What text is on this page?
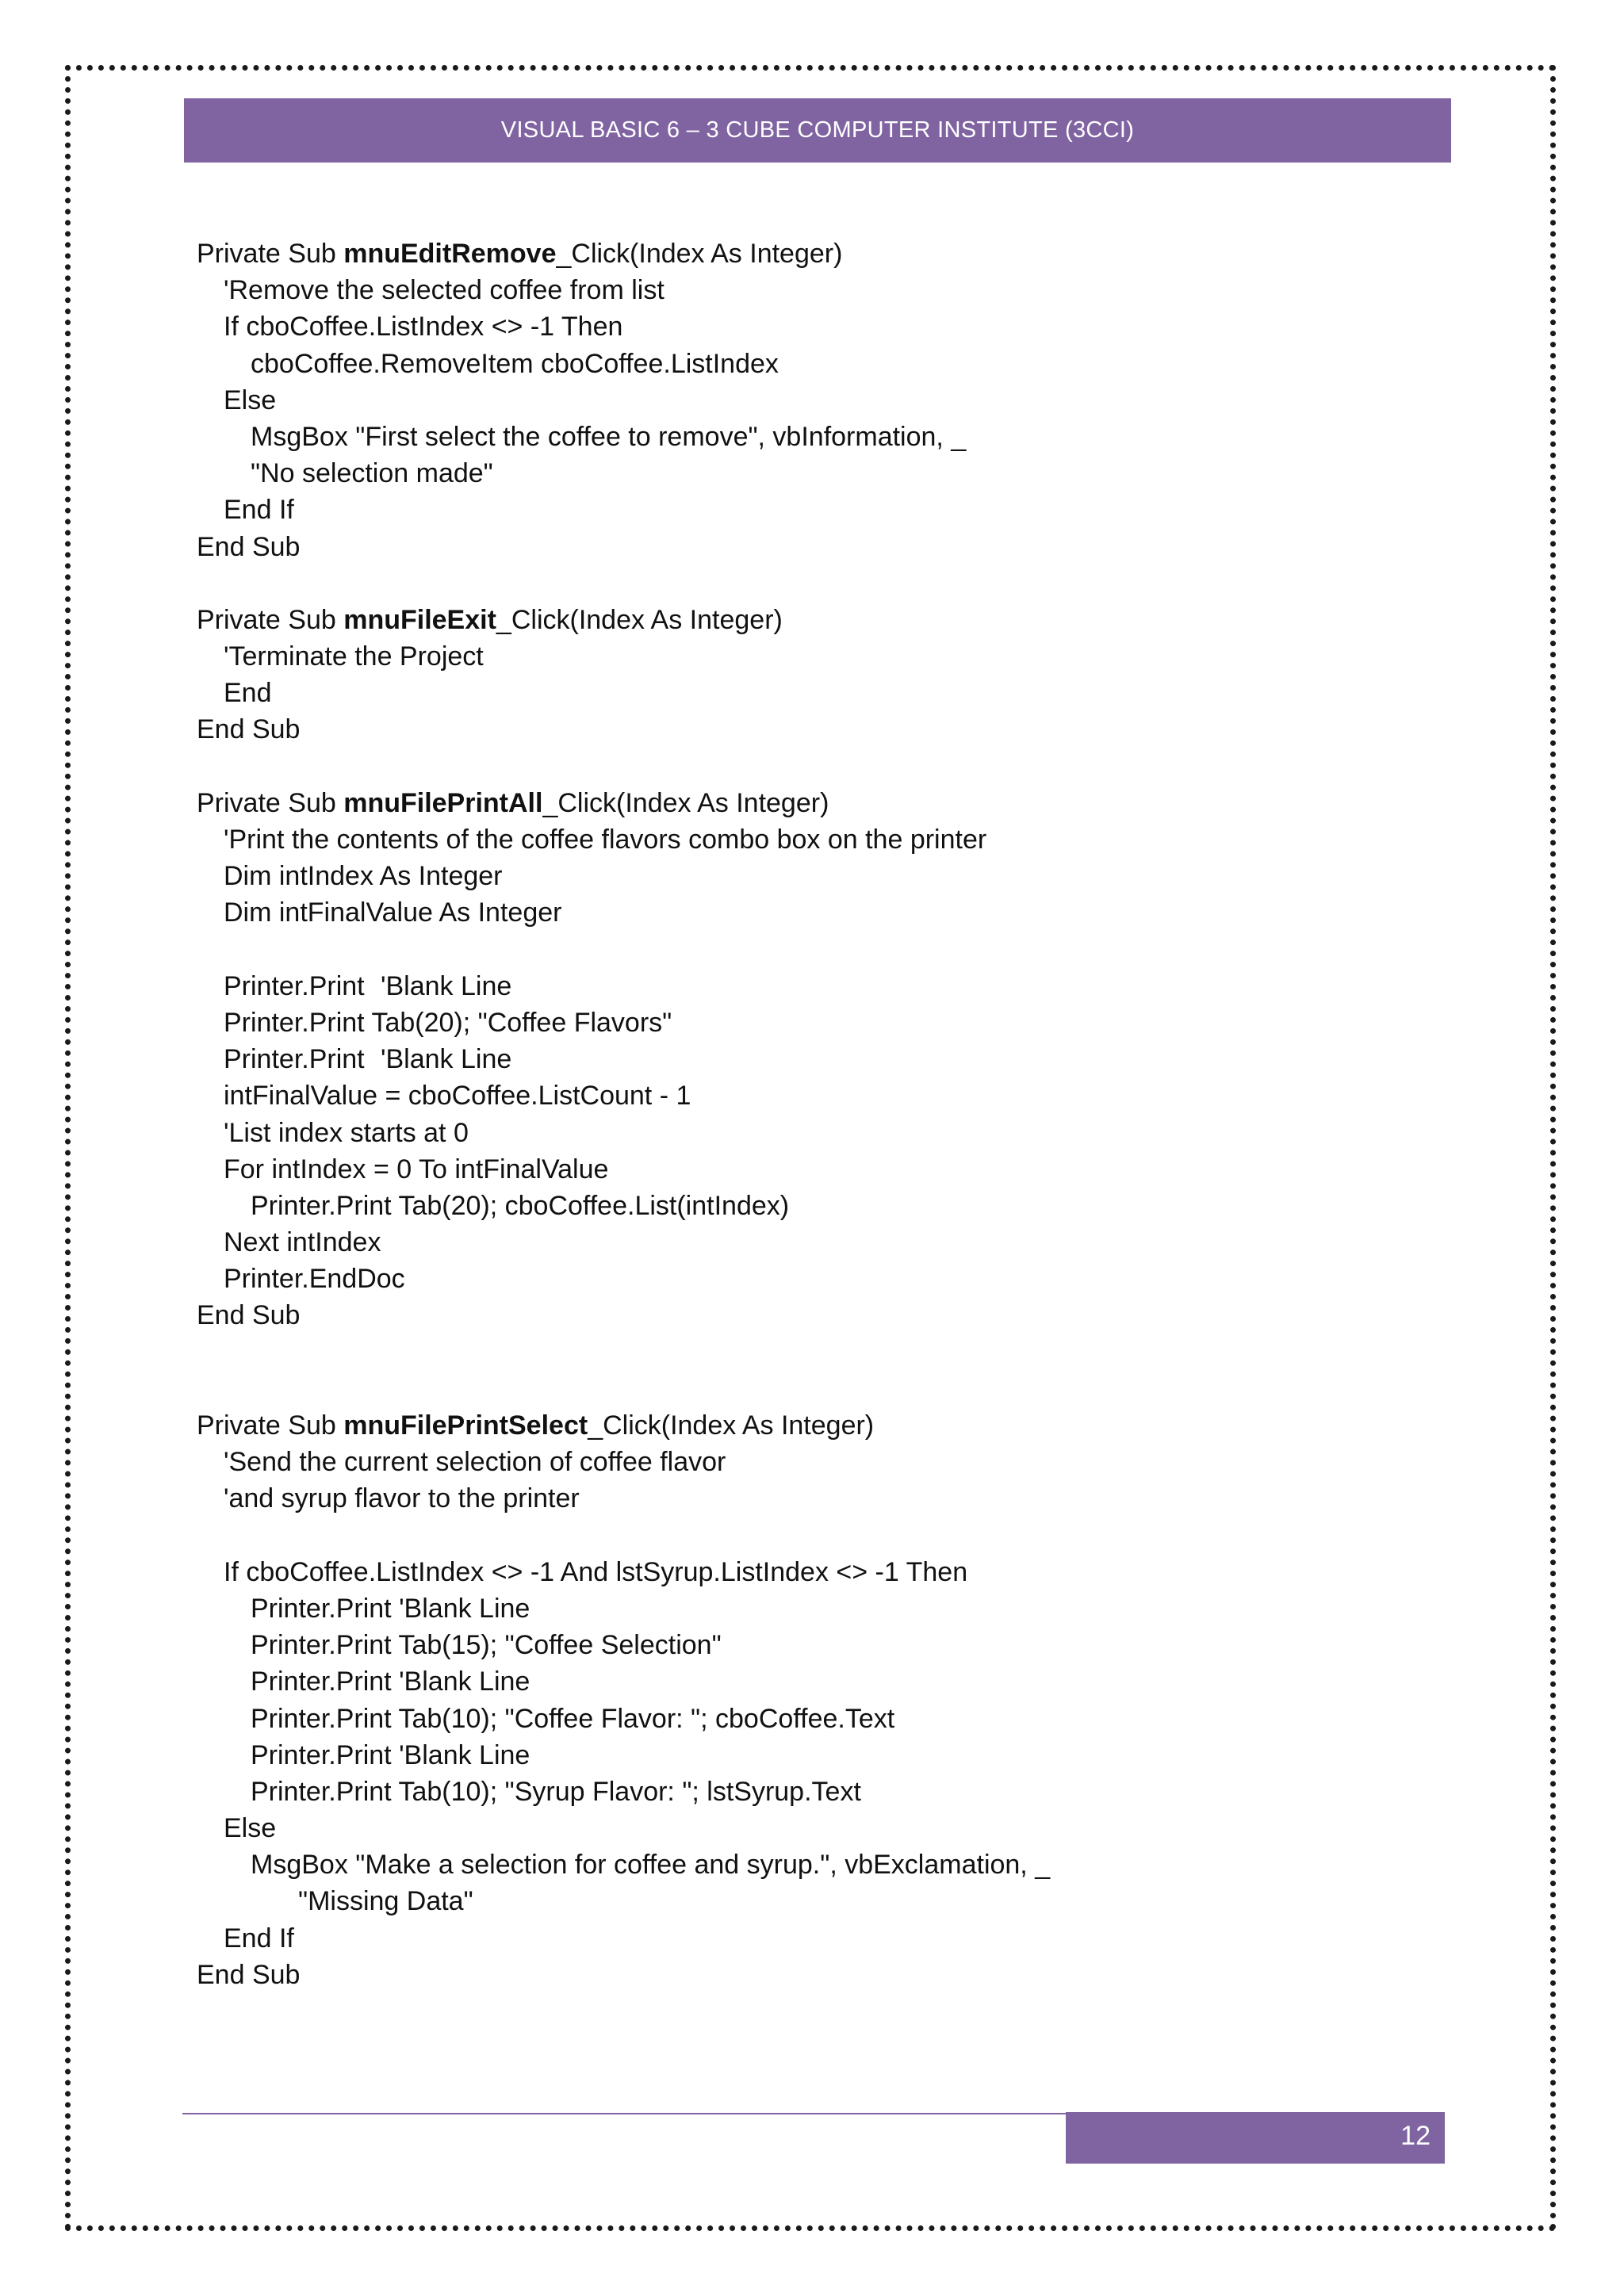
VISUAL BASIC 6 – 3 CUBE COMPUTER INSTITUTE (3CCI)
Private Sub mnuEditRemove_Click(Index As Integer)
'Remove the selected coffee from list
If cboCoffee.ListIndex <> -1 Then
cboCoffee.RemoveItem cboCoffee.ListIndex
Else
MsgBox "First select the coffee to remove", vbInformation, _
"No selection made"
End If
End Sub
Private Sub mnuFileExit_Click(Index As Integer)
'Terminate the Project
End
End Sub
Private Sub mnuFilePrintAll_Click(Index As Integer)
'Print the contents of the coffee flavors combo box on the printer
Dim intIndex As Integer
Dim intFinalValue As Integer
Printer.Print 'Blank Line
Printer.Print Tab(20); "Coffee Flavors"
Printer.Print 'Blank Line
intFinalValue = cboCoffee.ListCount - 1
'List index starts at 0
For intIndex = 0 To intFinalValue
Printer.Print Tab(20); cboCoffee.List(intIndex)
Next intIndex
Printer.EndDoc
End Sub
Private Sub mnuFilePrintSelect_Click(Index As Integer)
'Send the current selection of coffee flavor
'and syrup flavor to the printer
If cboCoffee.ListIndex <> -1 And lstSyrup.ListIndex <> -1 Then
Printer.Print 'Blank Line
Printer.Print Tab(15); "Coffee Selection"
Printer.Print 'Blank Line
Printer.Print Tab(10); "Coffee Flavor: "; cboCoffee.Text
Printer.Print 'Blank Line
Printer.Print Tab(10); "Syrup Flavor: "; lstSyrup.Text
Else
MsgBox "Make a selection for coffee and syrup.", vbExclamation, _
"Missing Data"
End If
End Sub
12
